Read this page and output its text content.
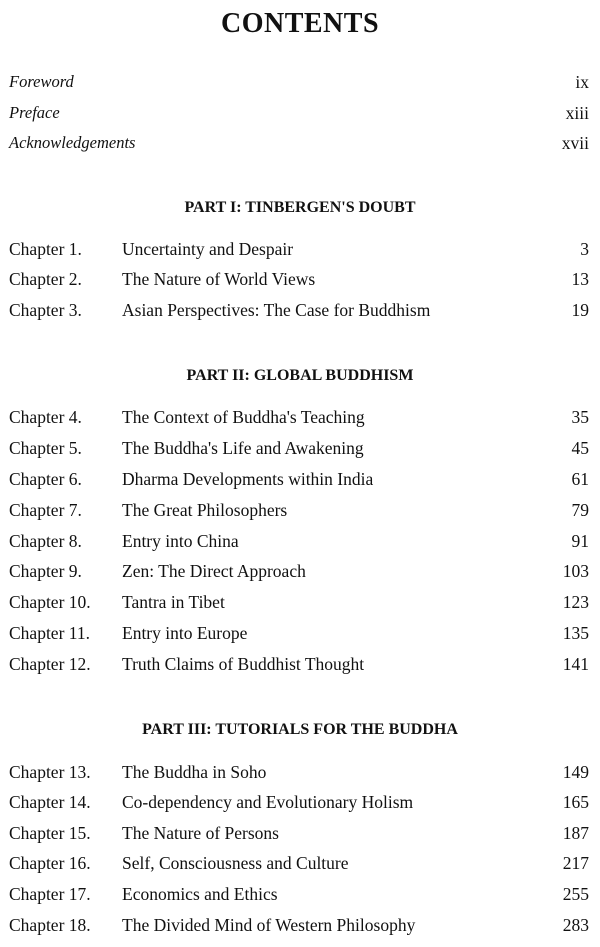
CONTENTS
Foreword	ix
Preface	xiii
Acknowledgements	xvii
PART I: TINBERGEN'S DOUBT
Chapter 1. Uncertainty and Despair	3
Chapter 2. The Nature of World Views	13
Chapter 3. Asian Perspectives: The Case for Buddhism	19
PART II: GLOBAL BUDDHISM
Chapter 4. The Context of Buddha's Teaching	35
Chapter 5. The Buddha's Life and Awakening	45
Chapter 6. Dharma Developments within India	61
Chapter 7. The Great Philosophers	79
Chapter 8. Entry into China	91
Chapter 9. Zen: The Direct Approach	103
Chapter 10. Tantra in Tibet	123
Chapter 11. Entry into Europe	135
Chapter 12. Truth Claims of Buddhist Thought	141
PART III: TUTORIALS FOR THE BUDDHA
Chapter 13. The Buddha in Soho	149
Chapter 14. Co-dependency and Evolutionary Holism	165
Chapter 15. The Nature of Persons	187
Chapter 16. Self, Consciousness and Culture	217
Chapter 17. Economics and Ethics	255
Chapter 18. The Divided Mind of Western Philosophy	283
